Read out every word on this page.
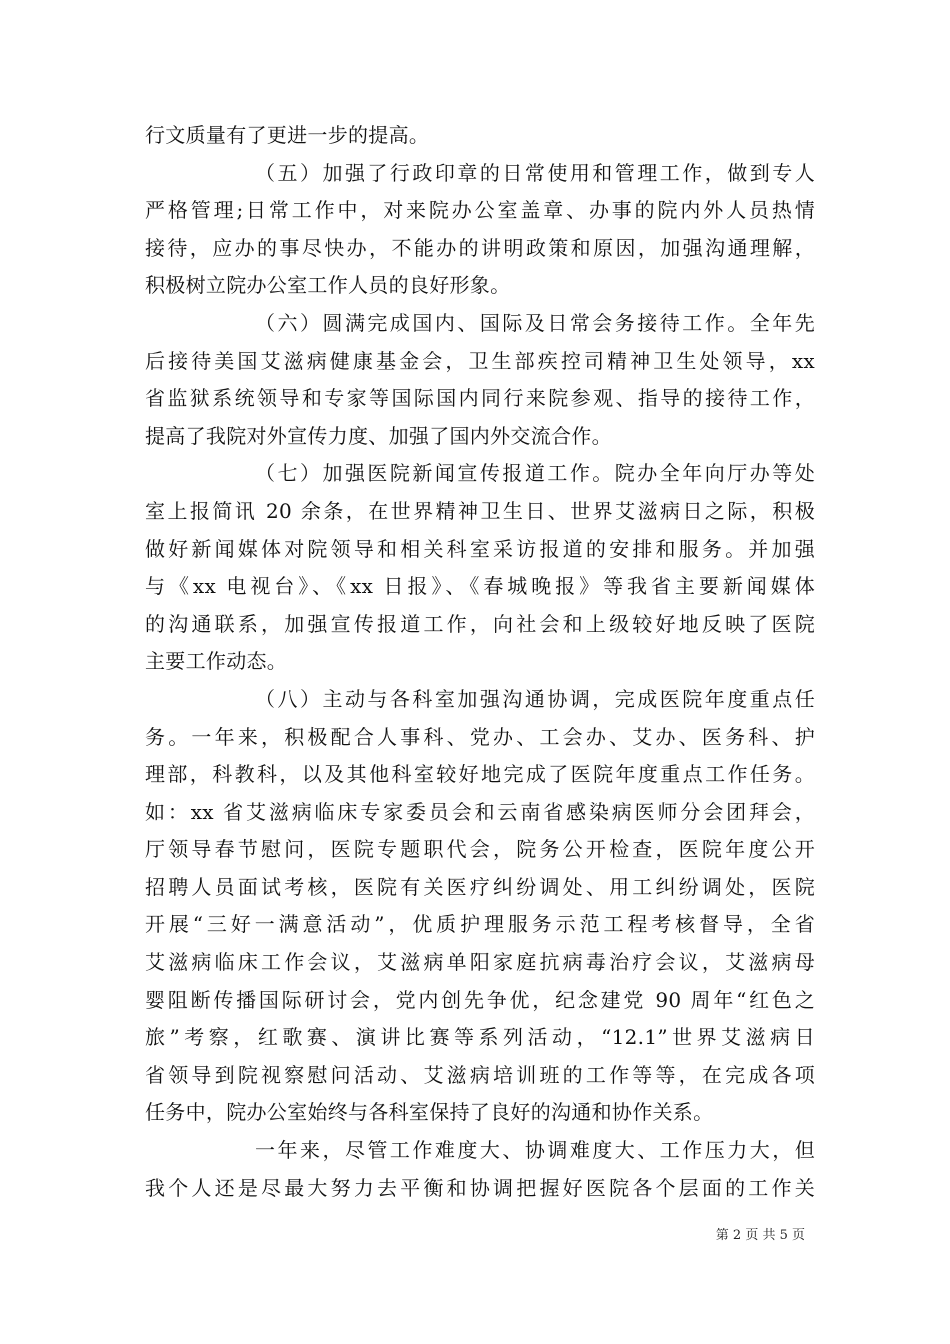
行文质量有了更进一步的提高。
（五）加强了行政印章的日常使用和管理工作，做到专人
严格管理;日常工作中，对来院办公室盖章、办事的院内外人员热情
接待，应办的事尽快办，不能办的讲明政策和原因，加强沟通理解，
积极树立院办公室工作人员的良好形象。
（六）圆满完成国内、国际及日常会务接待工作。全年先
后接待美国艾滋病健康基金会，卫生部疾控司精神卫生处领导，xx
省监狱系统领导和专家等国际国内同行来院参观、指导的接待工作，
提高了我院对外宣传力度、加强了国内外交流合作。
（七）加强医院新闻宣传报道工作。院办全年向厅办等处
室上报简讯 20 余条，在世界精神卫生日、世界艾滋病日之际，积极
做好新闻媒体对院领导和相关科室采访报道的安排和服务。并加强
与《xx 电视台》、《xx 日报》、《春城晚报》等我省主要新闻媒体
的沟通联系，加强宣传报道工作，向社会和上级较好地反映了医院
主要工作动态。
（八）主动与各科室加强沟通协调，完成医院年度重点任
务。一年来，积极配合人事科、党办、工会办、艾办、医务科、护
理部，科教科，以及其他科室较好地完成了医院年度重点工作任务。
如：xx 省艾滋病临床专家委员会和云南省感染病医师分会团拜会，
厅领导春节慰问，医院专题职代会，院务公开检查，医院年度公开
招聘人员面试考核，医院有关医疗纠纷调处、用工纠纷调处，医院
开展“三好一满意活动”，优质护理服务示范工程考核督导，全省
艾滋病临床工作会议，艾滋病单阳家庭抗病毒治疗会议，艾滋病母
婴阻断传播国际研讨会，党内创先争优，纪念建党 90 周年“红色之
旅”考察，红歌赛、演讲比赛等系列活动，“12.1”世界艾滋病日
省领导到院视察慰问活动、艾滋病培训班的工作等等，在完成各项
任务中，院办公室始终与各科室保持了良好的沟通和协作关系。
一年来，尽管工作难度大、协调难度大、工作压力大，但
我个人还是尽最大努力去平衡和协调把握好医院各个层面的工作关
第 2 页 共 5 页
